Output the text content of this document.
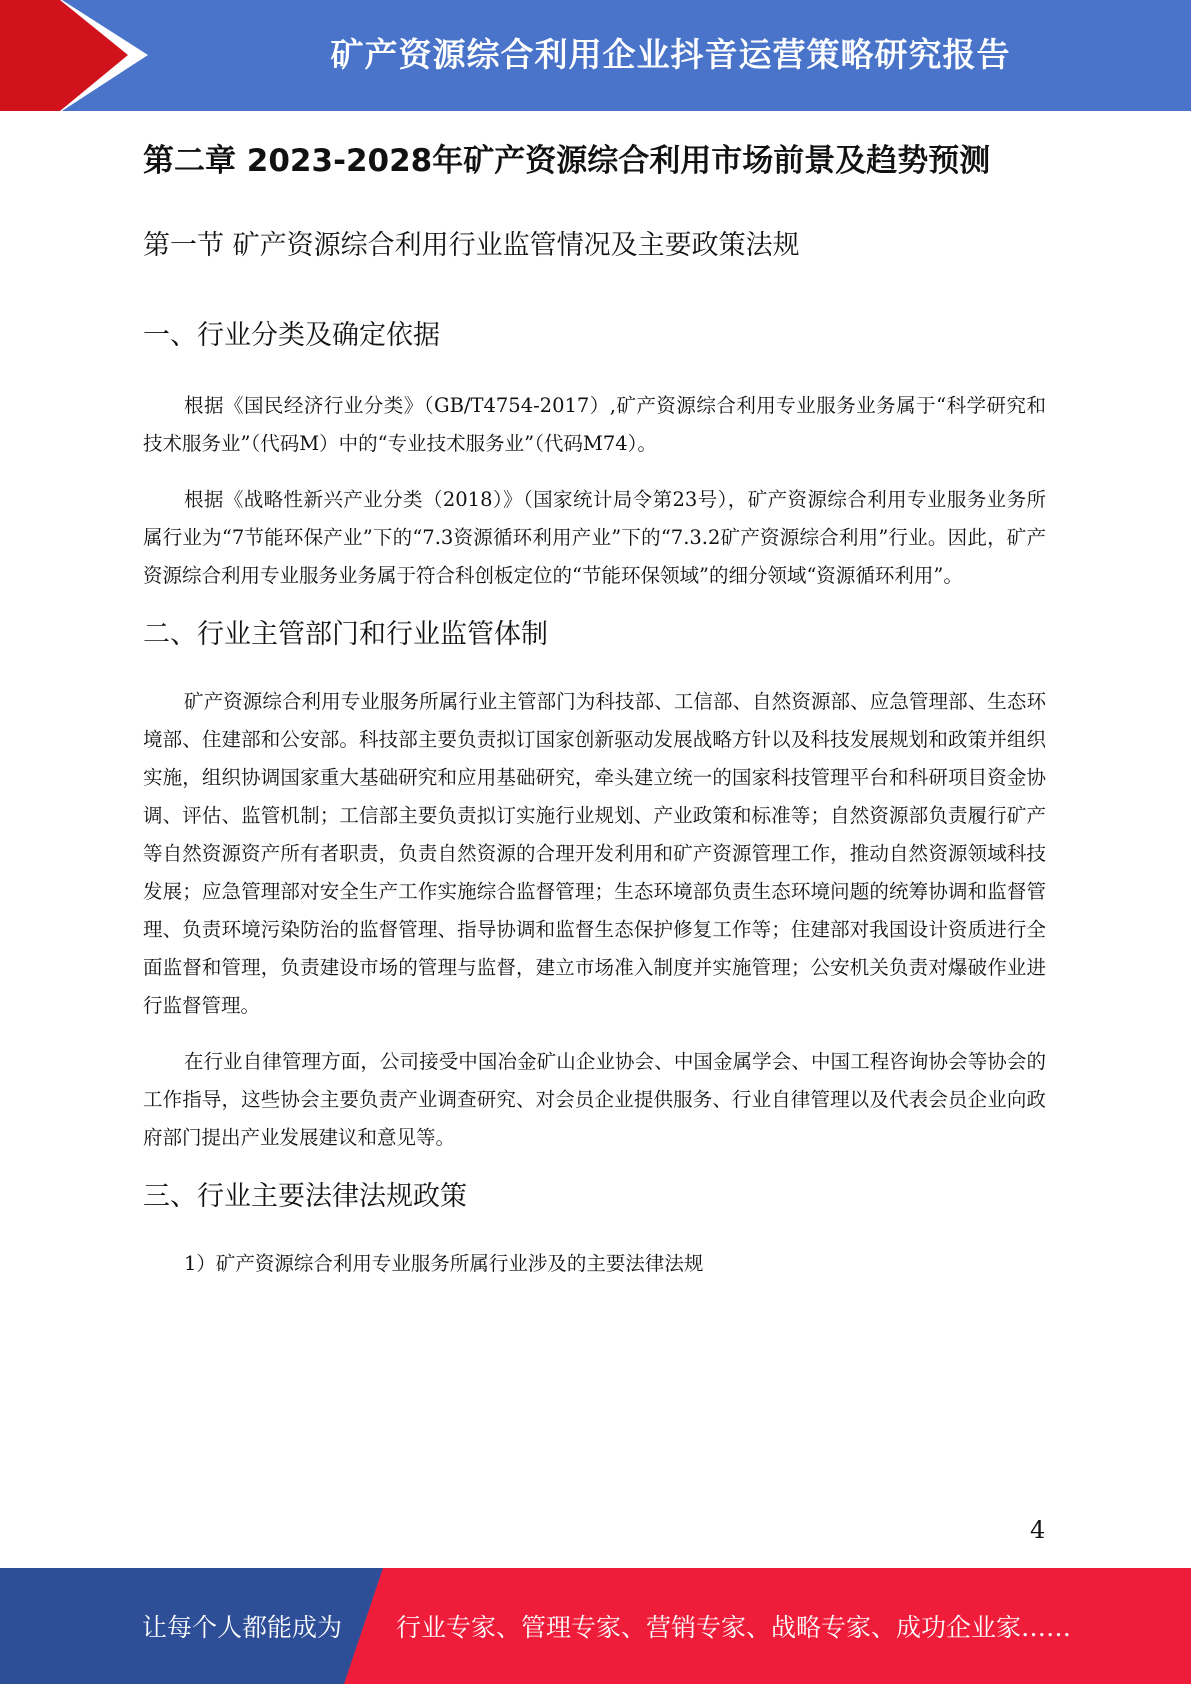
矿产资源综合利用企业抖音运营策略研究报告
第二章 2023-2028年矿产资源综合利用市场前景及趋势预测
第一节 矿产资源综合利用行业监管情况及主要政策法规
一、行业分类及确定依据

根据《国民经济行业分类》（GB/T4754-2017）,矿产资源综合利用专业服务业务属于“科学研究和技术服务业”（代码M）中的“专业技术服务业”（代码M74）。

根据《战略性新兴产业分类（2018）》（国家统计局令第23号），矿产资源综合利用专业服务业务所属行业为“7节能环保产业”下的“7.3资源循环利用产业”下的“7.3.2矿产资源综合利用”行业。因此，矿产资源综合利用专业服务业务属于符合科创板定位的“节能环保领域”的细分领域“资源循环利用”。

二、行业主管部门和行业监管体制

矿产资源综合利用专业服务所属行业主管部门为科技部、工信部、自然资源部、应急管理部、生态环境部、住建部和公安部。科技部主要负责拟订国家创新驱动发展战略方针以及科技发展规划和政策并组织实施，组织协调国家重大基础研究和应用基础研究，牵头建立统一的国家科技管理平台和科研项目资金协调、评估、监管机制；工信部主要负责拟订实施行业规划、产业政策和标准等；自然资源部负责履行矿产等自然资源资产所有者职责，负责自然资源的合理开发利用和矿产资源管理工作，推动自然资源领域科技发展；应急管理部对安全生产工作实施综合监督管理；生态环境部负责生态环境问题的统筹协调和监督管理、负责环境污染防治的监督管理、指导协调和监督生态保护修复工作等；住建部对我国设计资质进行全面监督和管理，负责建设市场的管理与监督，建立市场准入制度并实施管理；公安机关负责对爆破作业进行监督管理。

在行业自律管理方面，公司接受中国冶金矿山企业协会、中国金属学会、中国工程咨询协会等协会的工作指导，这些协会主要负责产业调查研究、对会员企业提供服务、行业自律管理以及代表会员企业向政府部门提出产业发展建议和意见等。

三、行业主要法律法规政策

1）矿产资源综合利用专业服务所属行业涉及的主要法律法规

4
让每个人都能成为 行业专家、管理专家、营销专家、战略专家、成功企业家……
